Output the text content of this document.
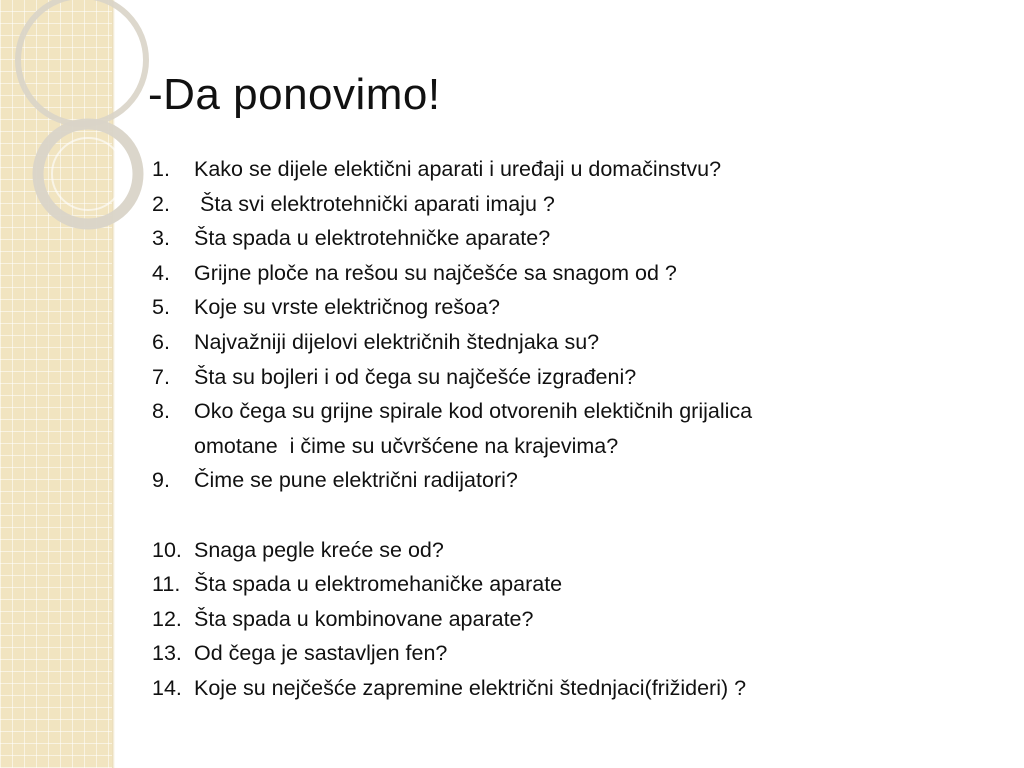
-Da ponovimo!
1.	Kako se dijele elektični aparati i uređaji u domačinstvu?
2.	Šta svi elektrotehnički aparati imaju ?
3.	Šta spada u elektrotehničke aparate?
4.	Grijne ploče na rešou su najčešće sa snagom od ?
5.	Koje su vrste električnog rešoa?
6.	Najvažniji dijelovi električnih štednjaka su?
7.	Šta su bojleri i od čega su najčešće izgrađeni?
8.	Oko čega su grijne spirale kod otvorenih elektičnih grijalica
omotane  i čime su učvršćene na krajevima?
9.	Čime se pune električni radijatori?
10. Snaga pegle kreće se od?
11. Šta spada u elektromehaničke aparate
12. Šta spada u kombinovane aparate?
13. Od čega je sastavljen fen?
14. Koje su nejčešće zapremine električni štednjaci(frižideri) ?
